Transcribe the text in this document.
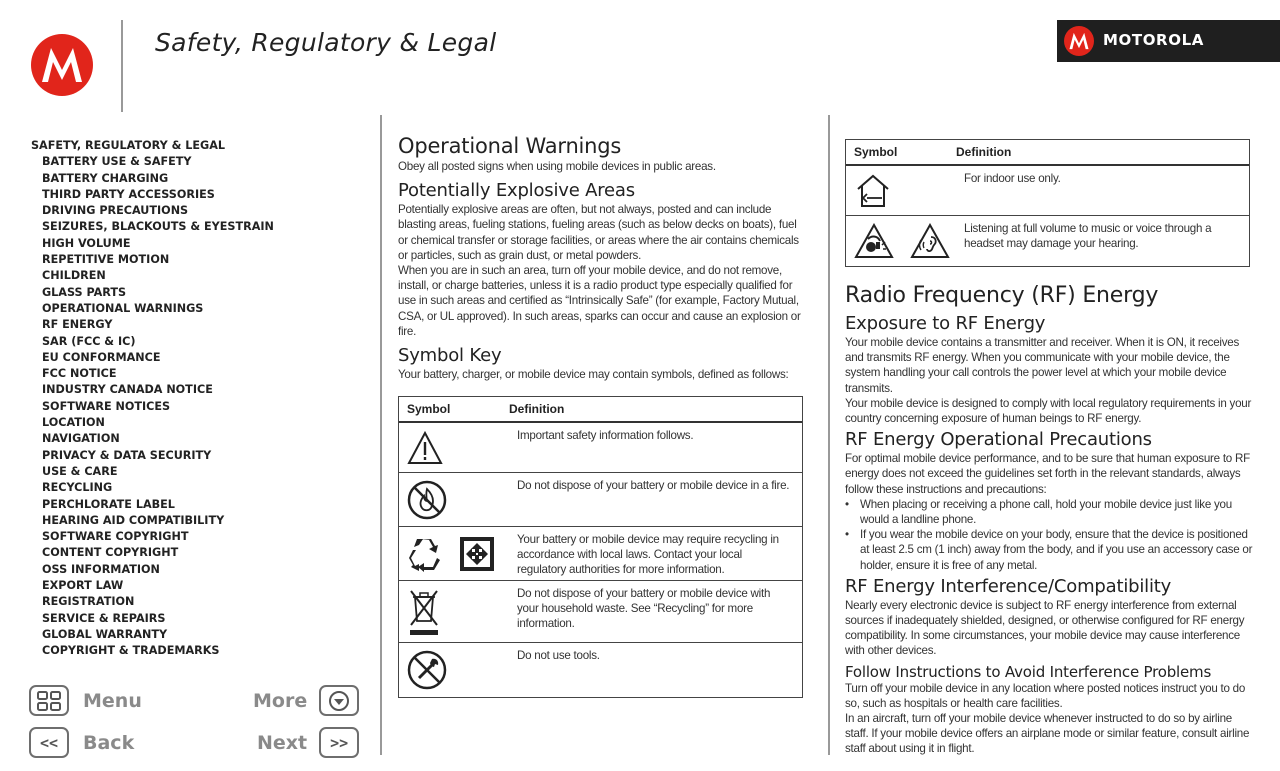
Safety, Regulatory & Legal	MOTOROLA
SAFETY, REGULATORY & LEGAL
BATTERY USE & SAFETY
BATTERY CHARGING
THIRD PARTY ACCESSORIES
DRIVING PRECAUTIONS
SEIZURES, BLACKOUTS & EYESTRAIN
HIGH VOLUME
REPETITIVE MOTION
CHILDREN
GLASS PARTS
OPERATIONAL WARNINGS
RF ENERGY
SAR (FCC & IC)
EU CONFORMANCE
FCC NOTICE
INDUSTRY CANADA NOTICE
SOFTWARE NOTICES
LOCATION
NAVIGATION
PRIVACY & DATA SECURITY
USE & CARE
RECYCLING
PERCHLORATE LABEL
HEARING AID COMPATIBILITY
SOFTWARE COPYRIGHT
CONTENT COPYRIGHT
OSS INFORMATION
EXPORT LAW
REGISTRATION
SERVICE & REPAIRS
GLOBAL WARRANTY
COPYRIGHT & TRADEMARKS
Menu	More
<<	Back	Next	>>
Operational Warnings
Obey all posted signs when using mobile devices in public areas.
Potentially Explosive Areas
Potentially explosive areas are often, but not always, posted and can include blasting areas, fueling stations, fueling areas (such as below decks on boats), fuel or chemical transfer or storage facilities, or areas where the air contains chemicals or particles, such as grain dust, or metal powders.
When you are in such an area, turn off your mobile device, and do not remove, install, or charge batteries, unless it is a radio product type especially qualified for use in such areas and certified as “Intrinsically Safe” (for example, Factory Mutual, CSA, or UL approved). In such areas, sparks can occur and cause an explosion or fire.
Symbol Key
Your battery, charger, or mobile device may contain symbols, defined as follows:
Symbol	Definition
Important safety information follows.
Do not dispose of your battery or mobile device in a fire.
Your battery or mobile device may require recycling in accordance with local laws. Contact your local regulatory authorities for more information.
Do not dispose of your battery or mobile device with your household waste. See “Recycling” for more information.
Do not use tools.
Symbol	Definition
For indoor use only.
Listening at full volume to music or voice through a headset may damage your hearing.
Radio Frequency (RF) Energy
Exposure to RF Energy
Your mobile device contains a transmitter and receiver. When it is ON, it receives and transmits RF energy. When you communicate with your mobile device, the system handling your call controls the power level at which your mobile device transmits.
Your mobile device is designed to comply with local regulatory requirements in your country concerning exposure of human beings to RF energy.
RF Energy Operational Precautions
For optimal mobile device performance, and to be sure that human exposure to RF energy does not exceed the guidelines set forth in the relevant standards, always follow these instructions and precautions:
• When placing or receiving a phone call, hold your mobile device just like you would a landline phone.
• If you wear the mobile device on your body, ensure that the device is positioned at least 2.5 cm (1 inch) away from the body, and if you use an accessory case or holder, ensure it is free of any metal.
RF Energy Interference/Compatibility
Nearly every electronic device is subject to RF energy interference from external sources if inadequately shielded, designed, or otherwise configured for RF energy compatibility. In some circumstances, your mobile device may cause interference with other devices.
Follow Instructions to Avoid Interference Problems
Turn off your mobile device in any location where posted notices instruct you to do so, such as hospitals or health care facilities.
In an aircraft, turn off your mobile device whenever instructed to do so by airline staff. If your mobile device offers an airplane mode or similar feature, consult airline staff about using it in flight.
